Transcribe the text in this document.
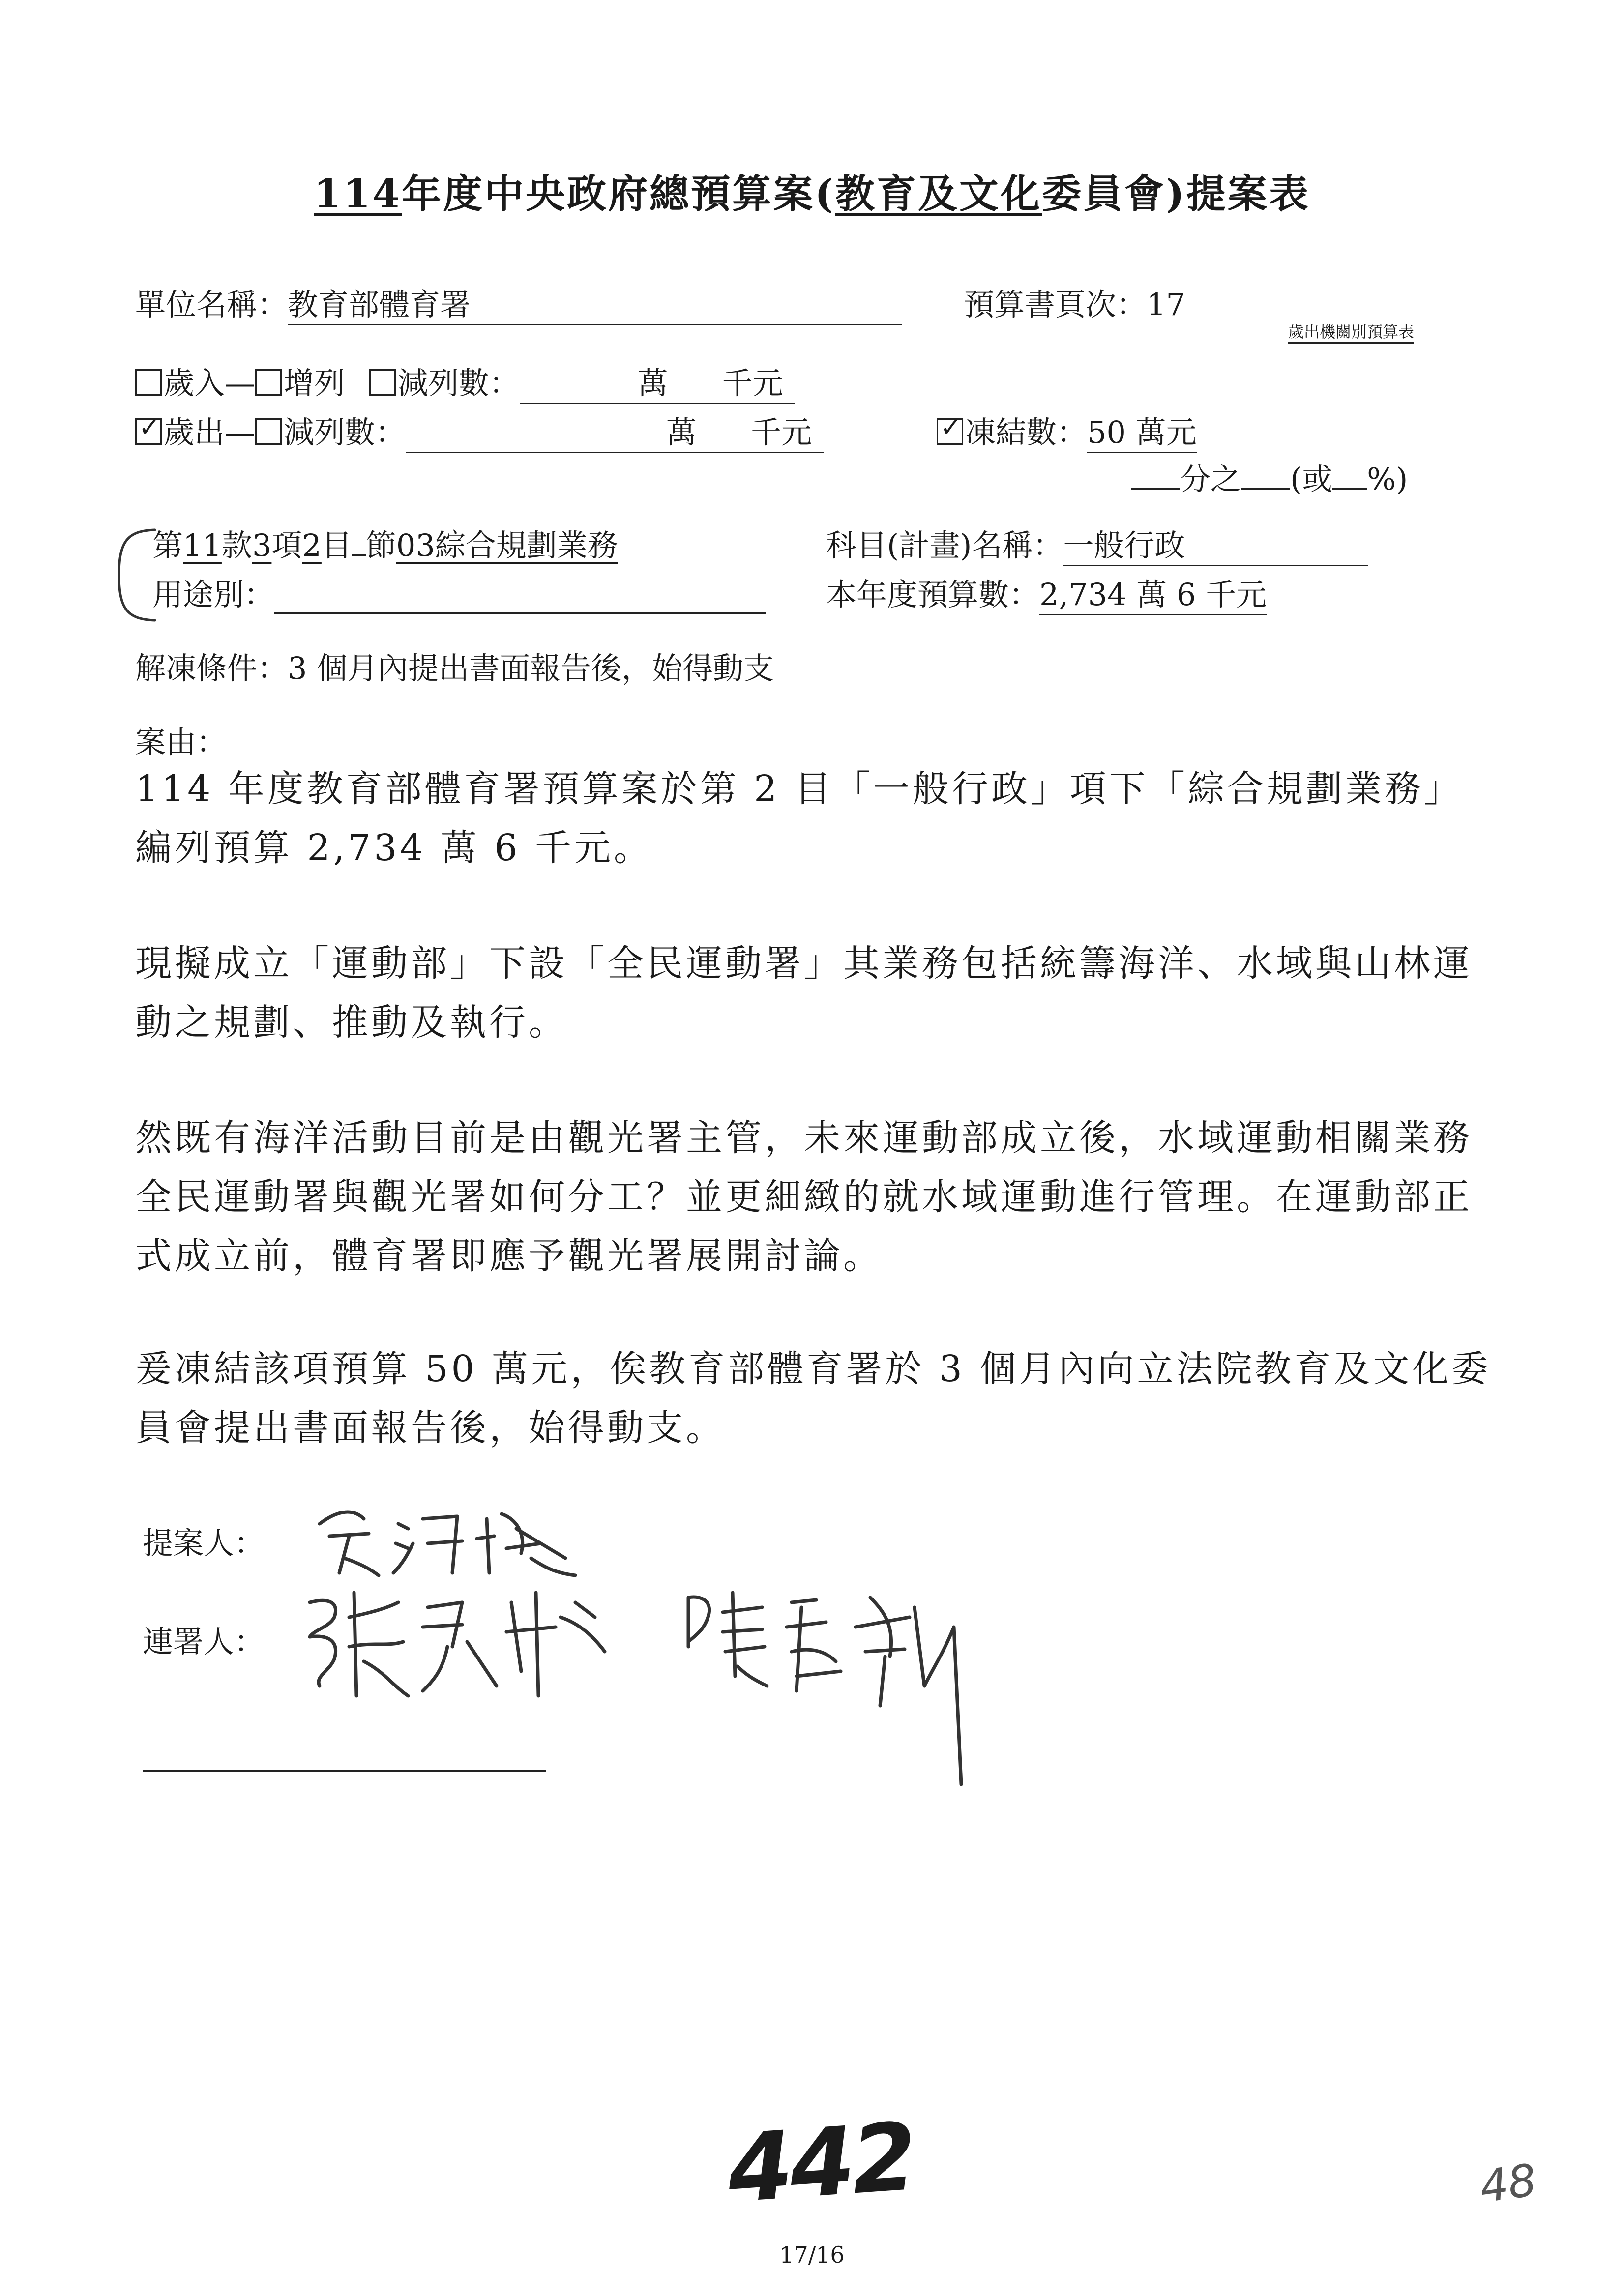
114年度中央政府總預算案(教育及文化委員會)提案表
單位名稱：教育部體育署	預算書頁次：17
歲出機關別預算表
歲入— 增列 減列數：	萬 千元
✓歲出— 減列數：	萬 千元
✓	凍結數：50 萬元
分之 (或 %)
第11款3項2目 節03綜合規劃業務	科目(計畫)名稱：一般行政
用途別：	本年度預算數：2,734 萬 6 千元
解凍條件：3 個月內提出書面報告後，始得動支
案由：
114 年度教育部體育署預算案於第 2 目「一般行政」項下「綜合規劃業務」編列預算 2,734 萬 6 千元。
現擬成立「運動部」下設「全民運動署」其業務包括統籌海洋、水域與山林運動之規劃、推動及執行。
然既有海洋活動目前是由觀光署主管，未來運動部成立後，水域運動相關業務全民運動署與觀光署如何分工？並更細緻的就水域運動進行管理。在運動部正式成立前，體育署即應予觀光署展開討論。
爰凍結該項預算 50 萬元，俟教育部體育署於 3 個月內向立法院教育及文化委員會提出書面報告後，始得動支。
提案人：
連署人：
442	48
17/16
